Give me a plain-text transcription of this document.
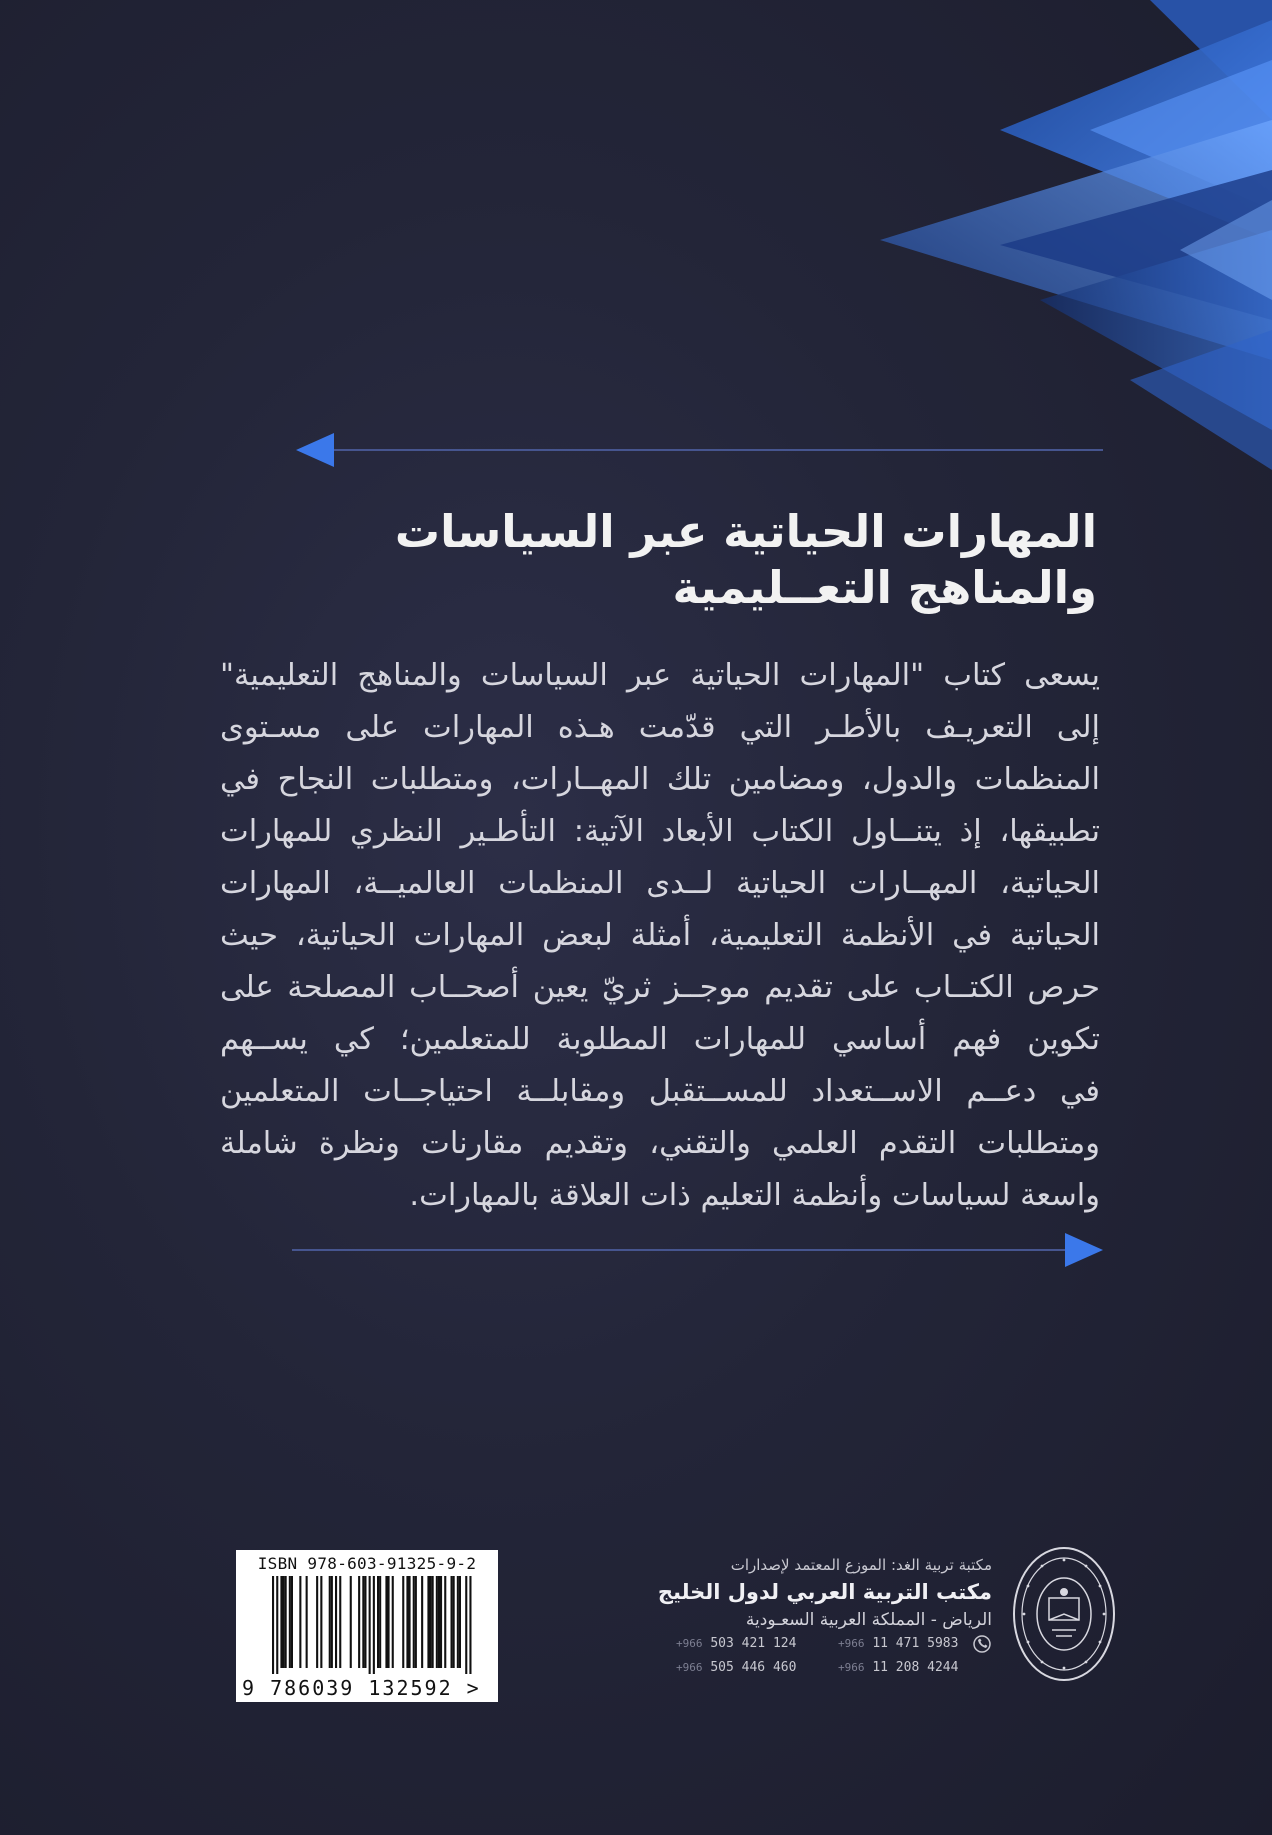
المهارات الحياتية عبر السياسات
والمناهج التعــليمية
يسعى كتاب "المهارات الحياتية عبر السياسات والمناهج التعليمية"
إلى التعريـف بالأطـر التي قدّمت هـذه المهارات على مسـتوى
المنظمات والدول، ومضامين تلك المهــارات، ومتطلبات النجاح في
تطبيقها، إذ يتنــاول الكتاب الأبعاد الآتية: التأطـير النظري للمهارات
الحياتية، المهــارات الحياتية لــدى المنظمات العالميــة، المهارات
الحياتية في الأنظمة التعليمية، أمثلة لبعض المهارات الحياتية، حيث
حرص الكتــاب على تقديم موجــز ثريّ يعين أصحــاب المصلحة على
تكوين فهم أساسي للمهارات المطلوبة للمتعلمين؛ كي يســهم
في دعــم الاســتعداد للمســتقبل ومقابلــة احتياجــات المتعلمين
ومتطلبات التقدم العلمي والتقني، وتقديم مقارنات ونظرة شاملة
واسعة لسياسات وأنظمة التعليم ذات العلاقة بالمهارات.
مكتبة تربية الغد: الموزع المعتمد لإصدارات
مكتب التربية العربي لدول الخليج
الرياض - المملكة العربية السعـودية
+966 11 471 5983
+966 503 421 124
+966 11 208 4244
+966 505 446 460
ISBN 978-603-91325-9-2
9 786039 132592 >
